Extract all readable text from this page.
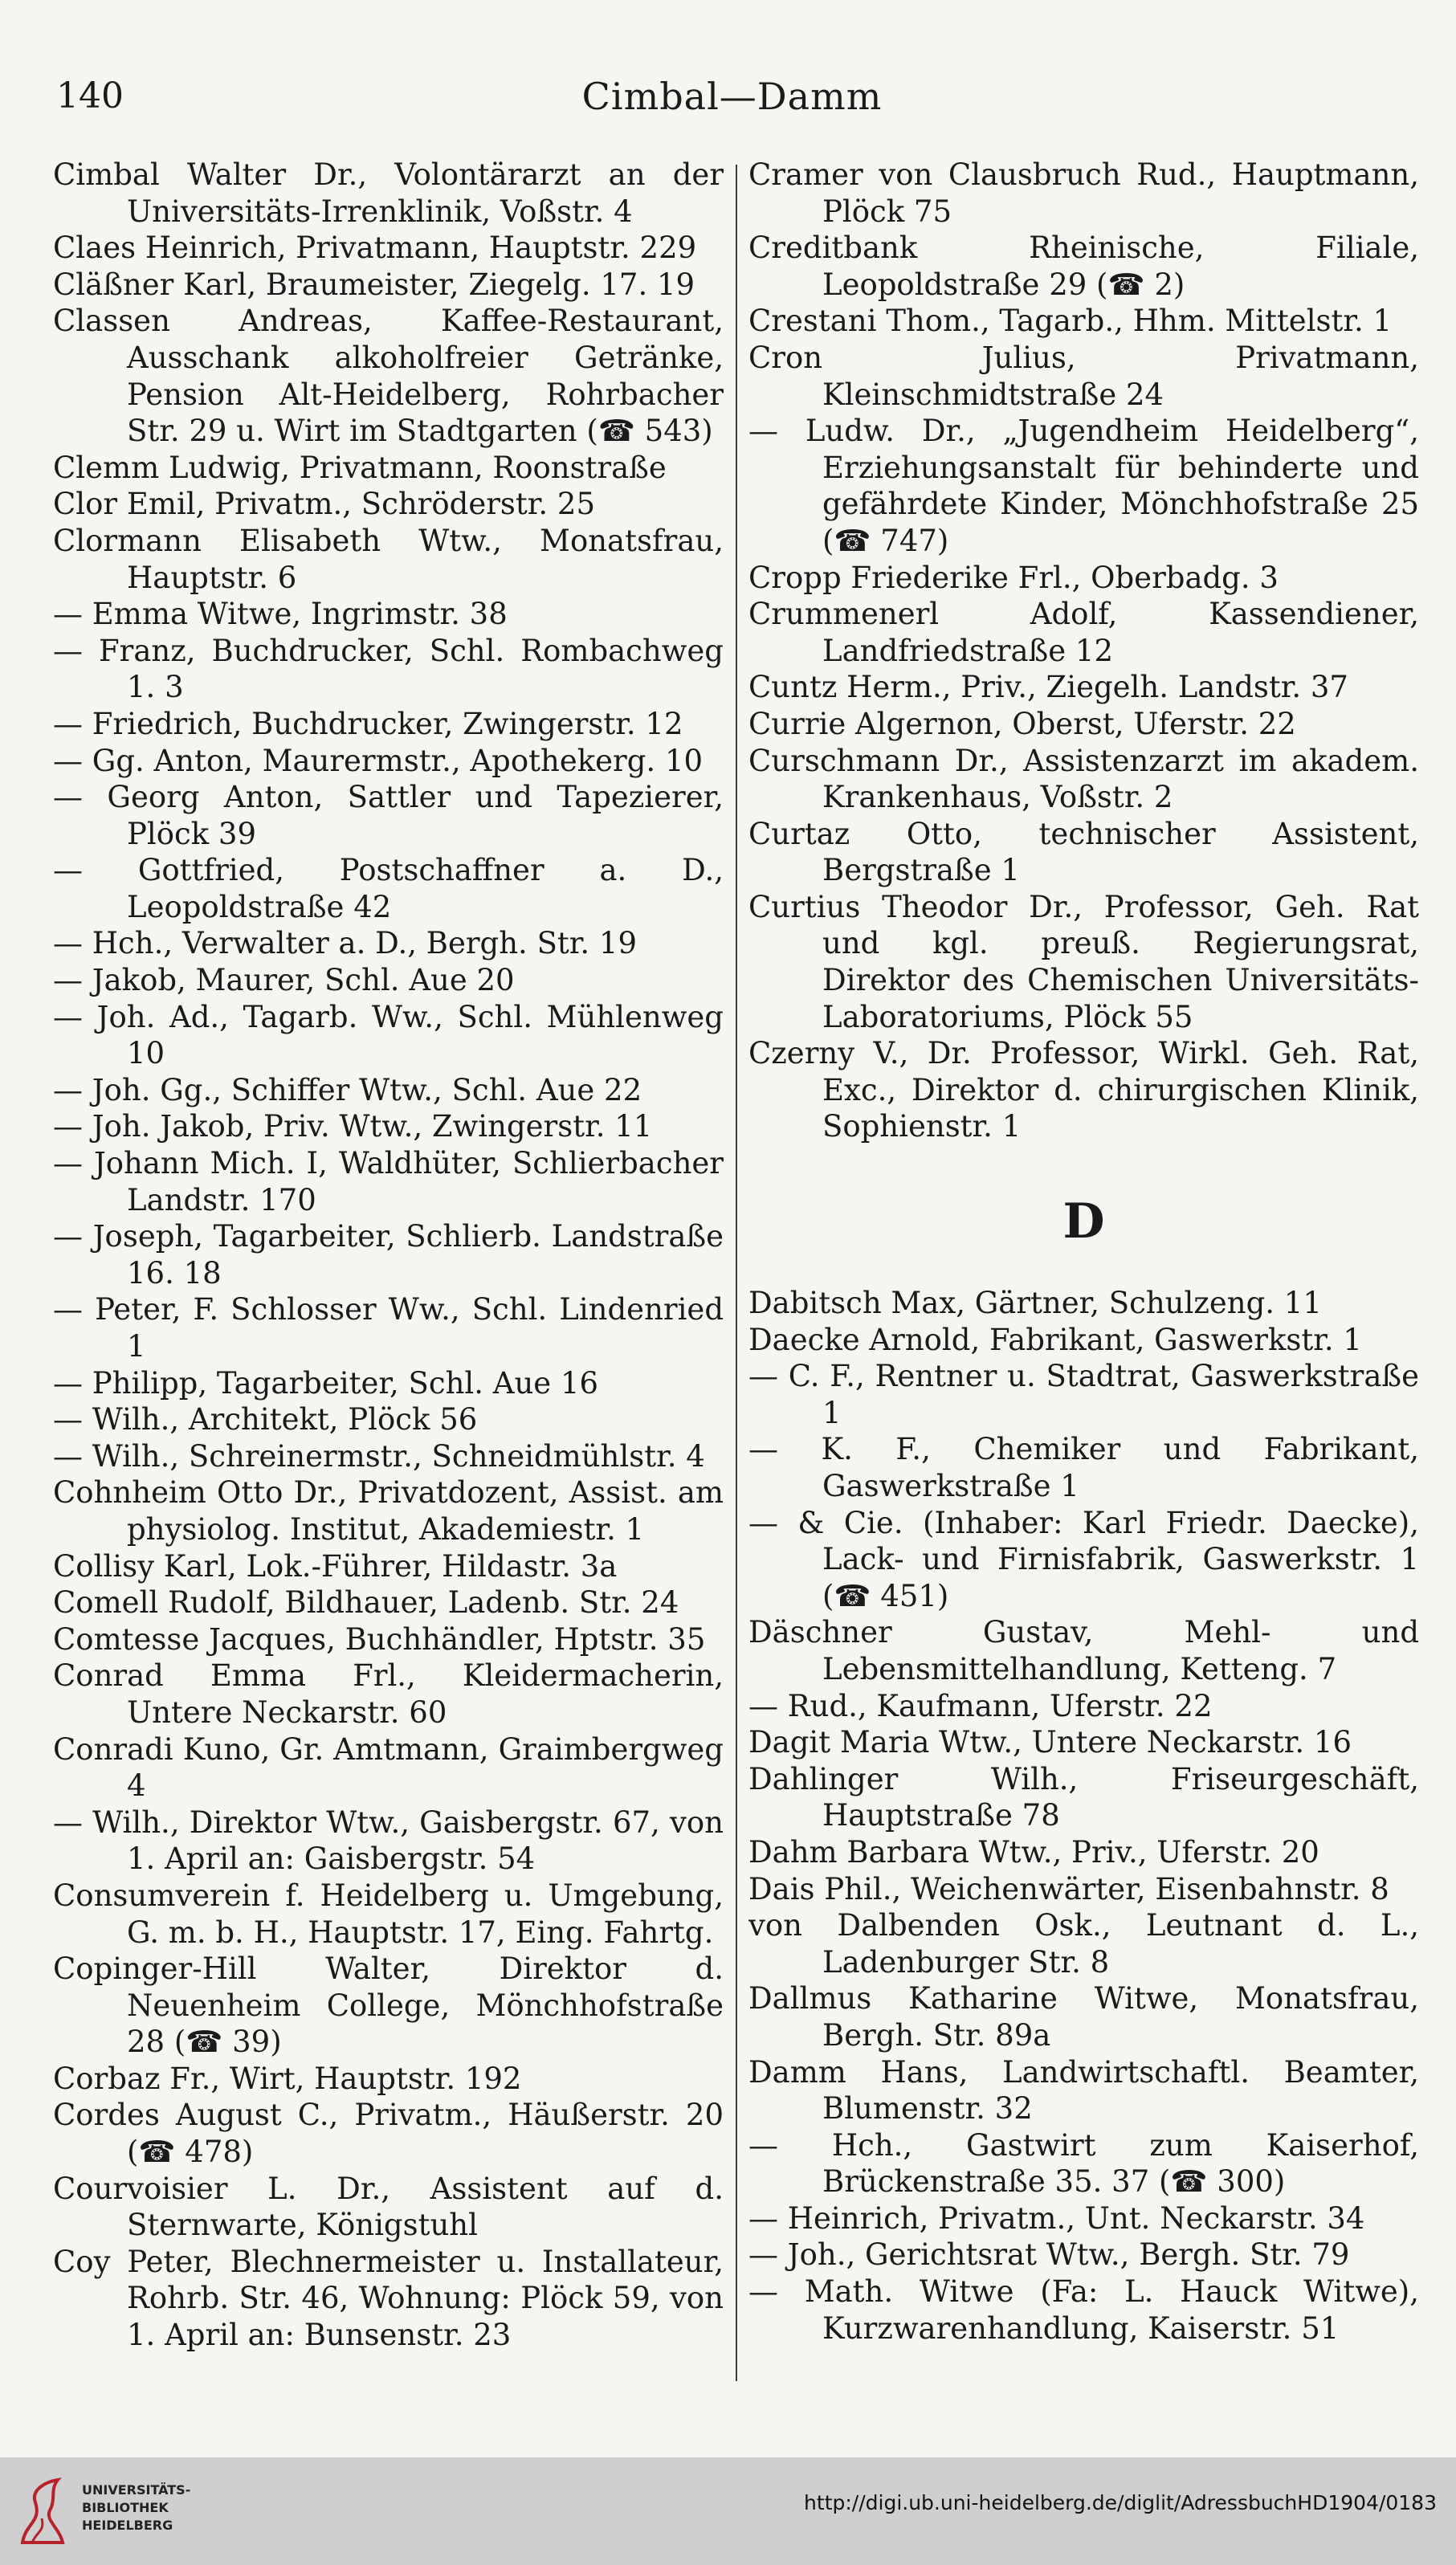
140	Cimbal—Damm

Cimbal Walter Dr., Volontärarzt an der Universitäts-Irrenklinik, Voßstr. 4

Claes Heinrich, Privatmann, Hauptstr. 229

Cläßner Karl, Braumeister, Ziegelg. 17. 19

Classen Andreas, Kaffee-Restaurant, Ausschank alkoholfreier Getränke, Pension Alt-Heidelberg, Rohrbacher Str. 29 u. Wirt im Stadtgarten (☎ 543)

Clemm Ludwig, Privatmann, Roonstraße

Clor Emil, Privatm., Schröderstr. 25

Clormann Elisabeth Wtw., Monatsfrau, Hauptstr. 6

— Emma Witwe, Ingrimstr. 38

— Franz, Buchdrucker, Schl. Rombachweg 1. 3

— Friedrich, Buchdrucker, Zwingerstr. 12

— Gg. Anton, Maurermstr., Apothekerg. 10

— Georg Anton, Sattler und Tapezierer, Plöck 39

— Gottfried, Postschaffner a. D., Leopoldstraße 42

— Hch., Verwalter a. D., Bergh. Str. 19

— Jakob, Maurer, Schl. Aue 20

— Joh. Ad., Tagarb. Ww., Schl. Mühlenweg 10

— Joh. Gg., Schiffer Wtw., Schl. Aue 22

— Joh. Jakob, Priv. Wtw., Zwingerstr. 11

— Johann Mich. I, Waldhüter, Schlierbacher Landstr. 170

— Joseph, Tagarbeiter, Schlierb. Landstraße 16. 18

— Peter, F. Schlosser Ww., Schl. Lindenried 1

— Philipp, Tagarbeiter, Schl. Aue 16

— Wilh., Architekt, Plöck 56

— Wilh., Schreinermstr., Schneidmühlstr. 4

Cohnheim Otto Dr., Privatdozent, Assist. am physiolog. Institut, Akademiestr. 1

Collisy Karl, Lok.-Führer, Hildastr. 3a

Comell Rudolf, Bildhauer, Ladenb. Str. 24

Comtesse Jacques, Buchhändler, Hptstr. 35

Conrad Emma Frl., Kleidermacherin, Untere Neckarstr. 60

Conradi Kuno, Gr. Amtmann, Graimbergweg 4

— Wilh., Direktor Wtw., Gaisbergstr. 67, von 1. April an: Gaisbergstr. 54

Consumverein f. Heidelberg u. Umgebung, G. m. b. H., Hauptstr. 17, Eing. Fahrtg.

Copinger-Hill Walter, Direktor d. Neuenheim College, Mönchhofstraße 28 (☎ 39)

Corbaz Fr., Wirt, Hauptstr. 192

Cordes August C., Privatm., Häußerstr. 20 (☎ 478)

Courvoisier L. Dr., Assistent auf d. Sternwarte, Königstuhl

Coy Peter, Blechnermeister u. Installateur, Rohrb. Str. 46, Wohnung: Plöck 59, von 1. April an: Bunsenstr. 23

Cramer von Clausbruch Rud., Hauptmann, Plöck 75

Creditbank Rheinische, Filiale, Leopoldstraße 29 (☎ 2)

Crestani Thom., Tagarb., Hhm. Mittelstr. 1

Cron Julius, Privatmann, Kleinschmidtstraße 24

— Ludw. Dr., „Jugendheim Heidelberg“, Erziehungsanstalt für behinderte und gefährdete Kinder, Mönchhofstraße 25 (☎ 747)

Cropp Friederike Frl., Oberbadg. 3

Crummenerl Adolf, Kassendiener, Landfriedstraße 12

Cuntz Herm., Priv., Ziegelh. Landstr. 37

Currie Algernon, Oberst, Uferstr. 22

Curschmann Dr., Assistenzarzt im akadem. Krankenhaus, Voßstr. 2

Curtaz Otto, technischer Assistent, Bergstraße 1

Curtius Theodor Dr., Professor, Geh. Rat und kgl. preuß. Regierungsrat, Direktor des Chemischen Universitäts-Laboratoriums, Plöck 55

Czerny V., Dr. Professor, Wirkl. Geh. Rat, Exc., Direktor d. chirurgischen Klinik, Sophienstr. 1

D

Dabitsch Max, Gärtner, Schulzeng. 11

Daecke Arnold, Fabrikant, Gaswerkstr. 1

— C. F., Rentner u. Stadtrat, Gaswerkstraße 1

— K. F., Chemiker und Fabrikant, Gaswerkstraße 1

— & Cie. (Inhaber: Karl Friedr. Daecke), Lack- und Firnisfabrik, Gaswerkstr. 1 (☎ 451)

Däschner Gustav, Mehl- und Lebensmittelhandlung, Ketteng. 7

— Rud., Kaufmann, Uferstr. 22

Dagit Maria Wtw., Untere Neckarstr. 16

Dahlinger Wilh., Friseurgeschäft, Hauptstraße 78

Dahm Barbara Wtw., Priv., Uferstr. 20

Dais Phil., Weichenwärter, Eisenbahnstr. 8

von Dalbenden Osk., Leutnant d. L., Ladenburger Str. 8

Dallmus Katharine Witwe, Monatsfrau, Bergh. Str. 89a

Damm Hans, Landwirtschaftl. Beamter, Blumenstr. 32

— Hch., Gastwirt zum Kaiserhof, Brückenstraße 35. 37 (☎ 300)

— Heinrich, Privatm., Unt. Neckarstr. 34

— Joh., Gerichtsrat Wtw., Bergh. Str. 79

— Math. Witwe (Fa: L. Hauck Witwe), Kurzwarenhandlung, Kaiserstr. 51

UNIVERSITÄTS-
BIBLIOTHEK
HEIDELBERG
http://digi.ub.uni-heidelberg.de/diglit/AdressbuchHD1904/0183
